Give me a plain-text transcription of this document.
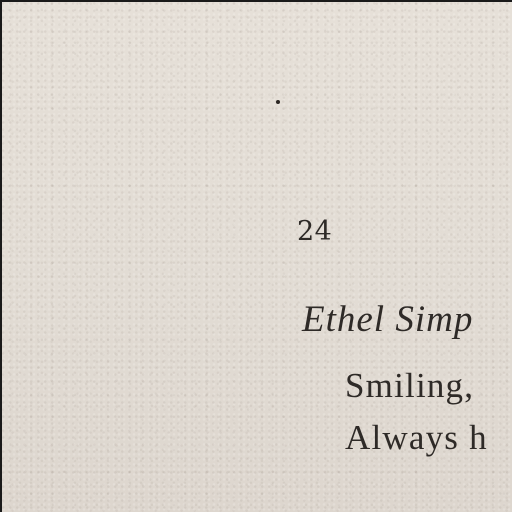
24
Ethel Simp
Smiling,
Always h
